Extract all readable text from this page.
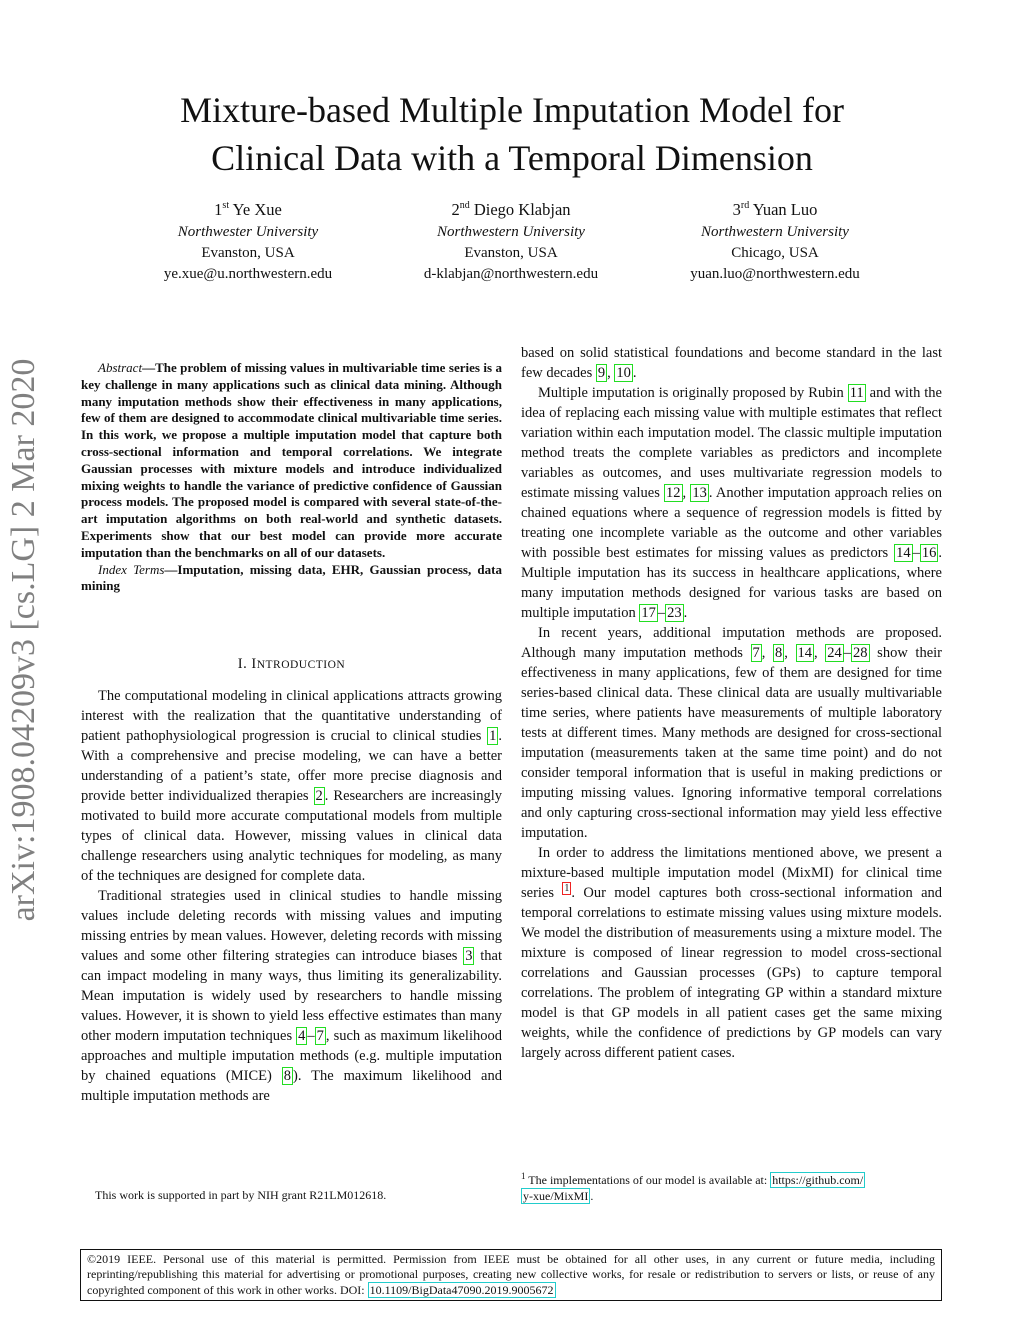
Mixture-based Multiple Imputation Model for
Clinical Data with a Temporal Dimension
1st Ye Xue
Northwester University
Evanston, USA
ye.xue@u.northwestern.edu
2nd Diego Klabjan
Northwestern University
Evanston, USA
d-klabjan@northwestern.edu
3rd Yuan Luo
Northwestern University
Chicago, USA
yuan.luo@northwestern.edu
arXiv:1908.04209v3 [cs.LG] 2 Mar 2020	Abstract—The problem of missing values in multivariable time series is a key challenge in many applications such as clinical data mining. Although many imputation methods show their effectiveness in many applications, few of them are designed to accommodate clinical multivariable time series. In this work, we propose a multiple imputation model that capture both cross-sectional information and temporal correlations. We integrate Gaussian processes with mixture models and introduce individualized mixing weights to handle the variance of predictive confidence of Gaussian process models. The proposed model is compared with several state-of-the-art imputation algorithms on both real-world and synthetic datasets. Experiments show that our best model can provide more accurate imputation than the benchmarks on all of our datasets.

Index Terms—Imputation, missing data, EHR, Gaussian process, data mining

I. INTRODUCTION

The computational modeling in clinical applications attracts growing interest with the realization that the quantitative understanding of patient pathophysiological progression is crucial to clinical studies 1 . With a comprehensive and precise modeling, we can have a better understanding of a patient’s state, offer more precise diagnosis and provide better individualized therapies 2 . Researchers are increasingly motivated to build more accurate computational models from multiple types of clinical data. However, missing values in clinical data challenge researchers using analytic techniques for modeling, as many of the techniques are designed for complete data.

Traditional strategies used in clinical studies to handle missing values include deleting records with missing values and imputing missing entries by mean values. However, deleting records with missing values and some other filtering strategies can introduce biases 3 that can impact modeling in many ways, thus limiting its generalizability. Mean imputation is widely used by researchers to handle missing values. However, it is shown to yield less effective estimates than many other modern imputation techniques 4 – 7 , such as maximum likelihood approaches and multiple imputation methods (e.g. multiple imputation by chained equations (MICE) 8 ). The maximum likelihood and multiple imputation methods are

based on solid statistical foundations and become standard in the last few decades 9 , 10 .

Multiple imputation is originally proposed by Rubin 11 and with the idea of replacing each missing value with multiple estimates that reflect variation within each imputation model. The classic multiple imputation method treats the complete variables as predictors and incomplete variables as outcomes, and uses multivariate regression models to estimate missing values 12 , 13 . Another imputation approach relies on chained equations where a sequence of regression models is fitted by treating one incomplete variable as the outcome and other variables with possible best estimates for missing values as predictors 14 – 16 . Multiple imputation has its success in healthcare applications, where many imputation methods designed for various tasks are based on multiple imputation 17 – 23 .

In recent years, additional imputation methods are proposed. Although many imputation methods 7 , 8 , 14 , 24 – 28 show their effectiveness in many applications, few of them are designed for time series-based clinical data. These clinical data are usually multivariable time series, where patients have measurements of multiple laboratory tests at different times. Many methods are designed for cross-sectional imputation (measurements taken at the same time point) and do not consider temporal information that is useful in making predictions or imputing missing values. Ignoring informative temporal correlations and only capturing cross-sectional information may yield less effective imputation.

In order to address the limitations mentioned above, we present a mixture-based multiple imputation model (MixMI) for clinical time series $^1$ . Our model captures both cross-sectional information and temporal correlations to estimate missing values using mixture models. We model the distribution of measurements using a mixture model. The mixture is composed of linear regression to model cross-sectional correlations and Gaussian processes (GPs) to capture temporal correlations. The problem of integrating GP within a standard mixture model is that GP models in all patient cases get the same mixing weights, while the confidence of predictions by GP models can vary largely across different patient cases.

This work is supported in part by NIH grant R21LM012618.
$^1$ The implementations of our model is available at: https://github.com/
y-xue/MixMI .
©2019 IEEE. Personal use of this material is permitted. Permission from IEEE must be obtained for all other uses, in any current or future media, including reprinting/republishing this material for advertising or promotional purposes, creating new collective works, for resale or redistribution to servers or lists, or reuse of any copyrighted component of this work in other works. DOI: 10.1109/BigData47090.2019.9005672
